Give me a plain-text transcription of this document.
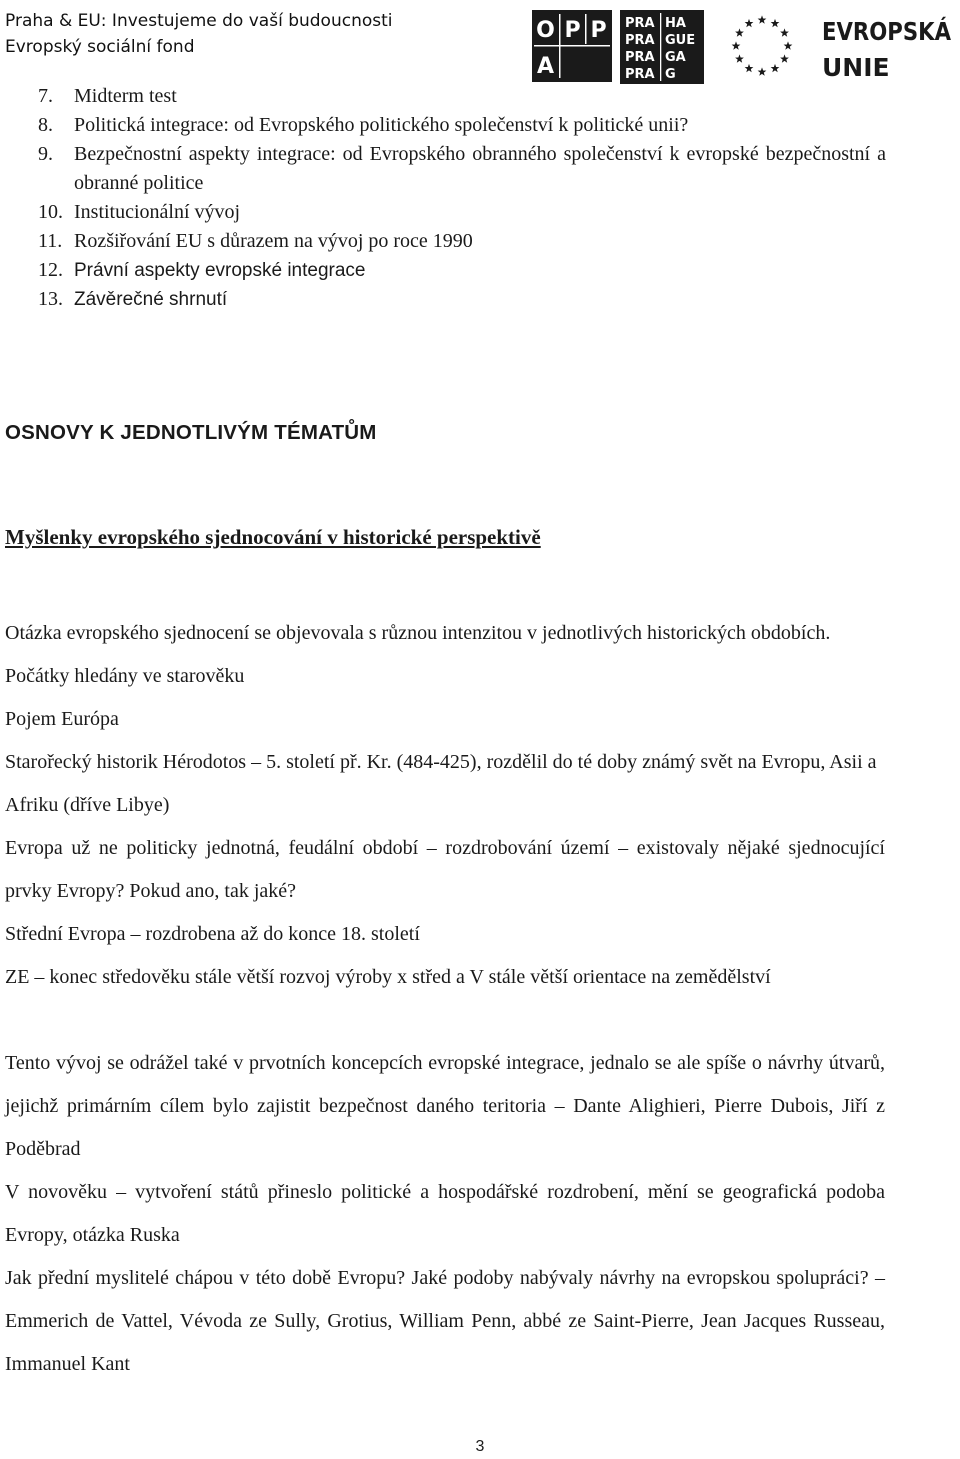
Praha & EU: Investujeme do vaší budoucnosti
Evropský sociální fond
O P P
A
PRA HA
PRA GUE
PRA GA
PRA G
EVROPSKÁ
UNIE
7.	Midterm test
8.	Politická integrace: od Evropského politického společenství k politické unii?
9.	Bezpečnostní aspekty integrace: od Evropského obranného společenství k evropské bezpečnostní a obranné politice
10. Institucionální vývoj
11. Rozšiřování EU s důrazem na vývoj po roce 1990
12. Právní aspekty evropské integrace
13. Závěrečné shrnutí
OSNOVY K JEDNOTLIVÝM TÉMATŮM
Myšlenky evropského sjednocování v historické perspektivě

Otázka evropského sjednocení se objevovala s různou intenzitou v jednotlivých historických obdobích. Počátky hledány ve starověku

Pojem Európa

Starořecký historik Hérodotos – 5. století př. Kr. (484-425), rozdělil do té doby známý svět na Evropu, Asii a Afriku (dříve Libye)

Evropa už ne politicky jednotná, feudální období – rozdrobování území – existovaly nějaké sjednocující prvky Evropy? Pokud ano, tak jaké?

Střední Evropa – rozdrobena až do konce 18. století

ZE – konec středověku stále větší rozvoj výroby x střed a V stále větší orientace na zemědělství

Tento vývoj se odrážel také v prvotních koncepcích evropské integrace, jednalo se ale spíše o návrhy útvarů, jejichž primárním cílem bylo zajistit bezpečnost daného teritoria – Dante Alighieri, Pierre Dubois, Jiří z Poděbrad

V novověku – vytvoření států přineslo politické a hospodářské rozdrobení, mění se geografická podoba Evropy, otázka Ruska

Jak přední myslitelé chápou v této době Evropu? Jaké podoby nabývaly návrhy na evropskou spolupráci? – Emmerich de Vattel, Vévoda ze Sully, Grotius, William Penn, abbé ze Saint-Pierre, Jean Jacques Russeau, Immanuel Kant

3
